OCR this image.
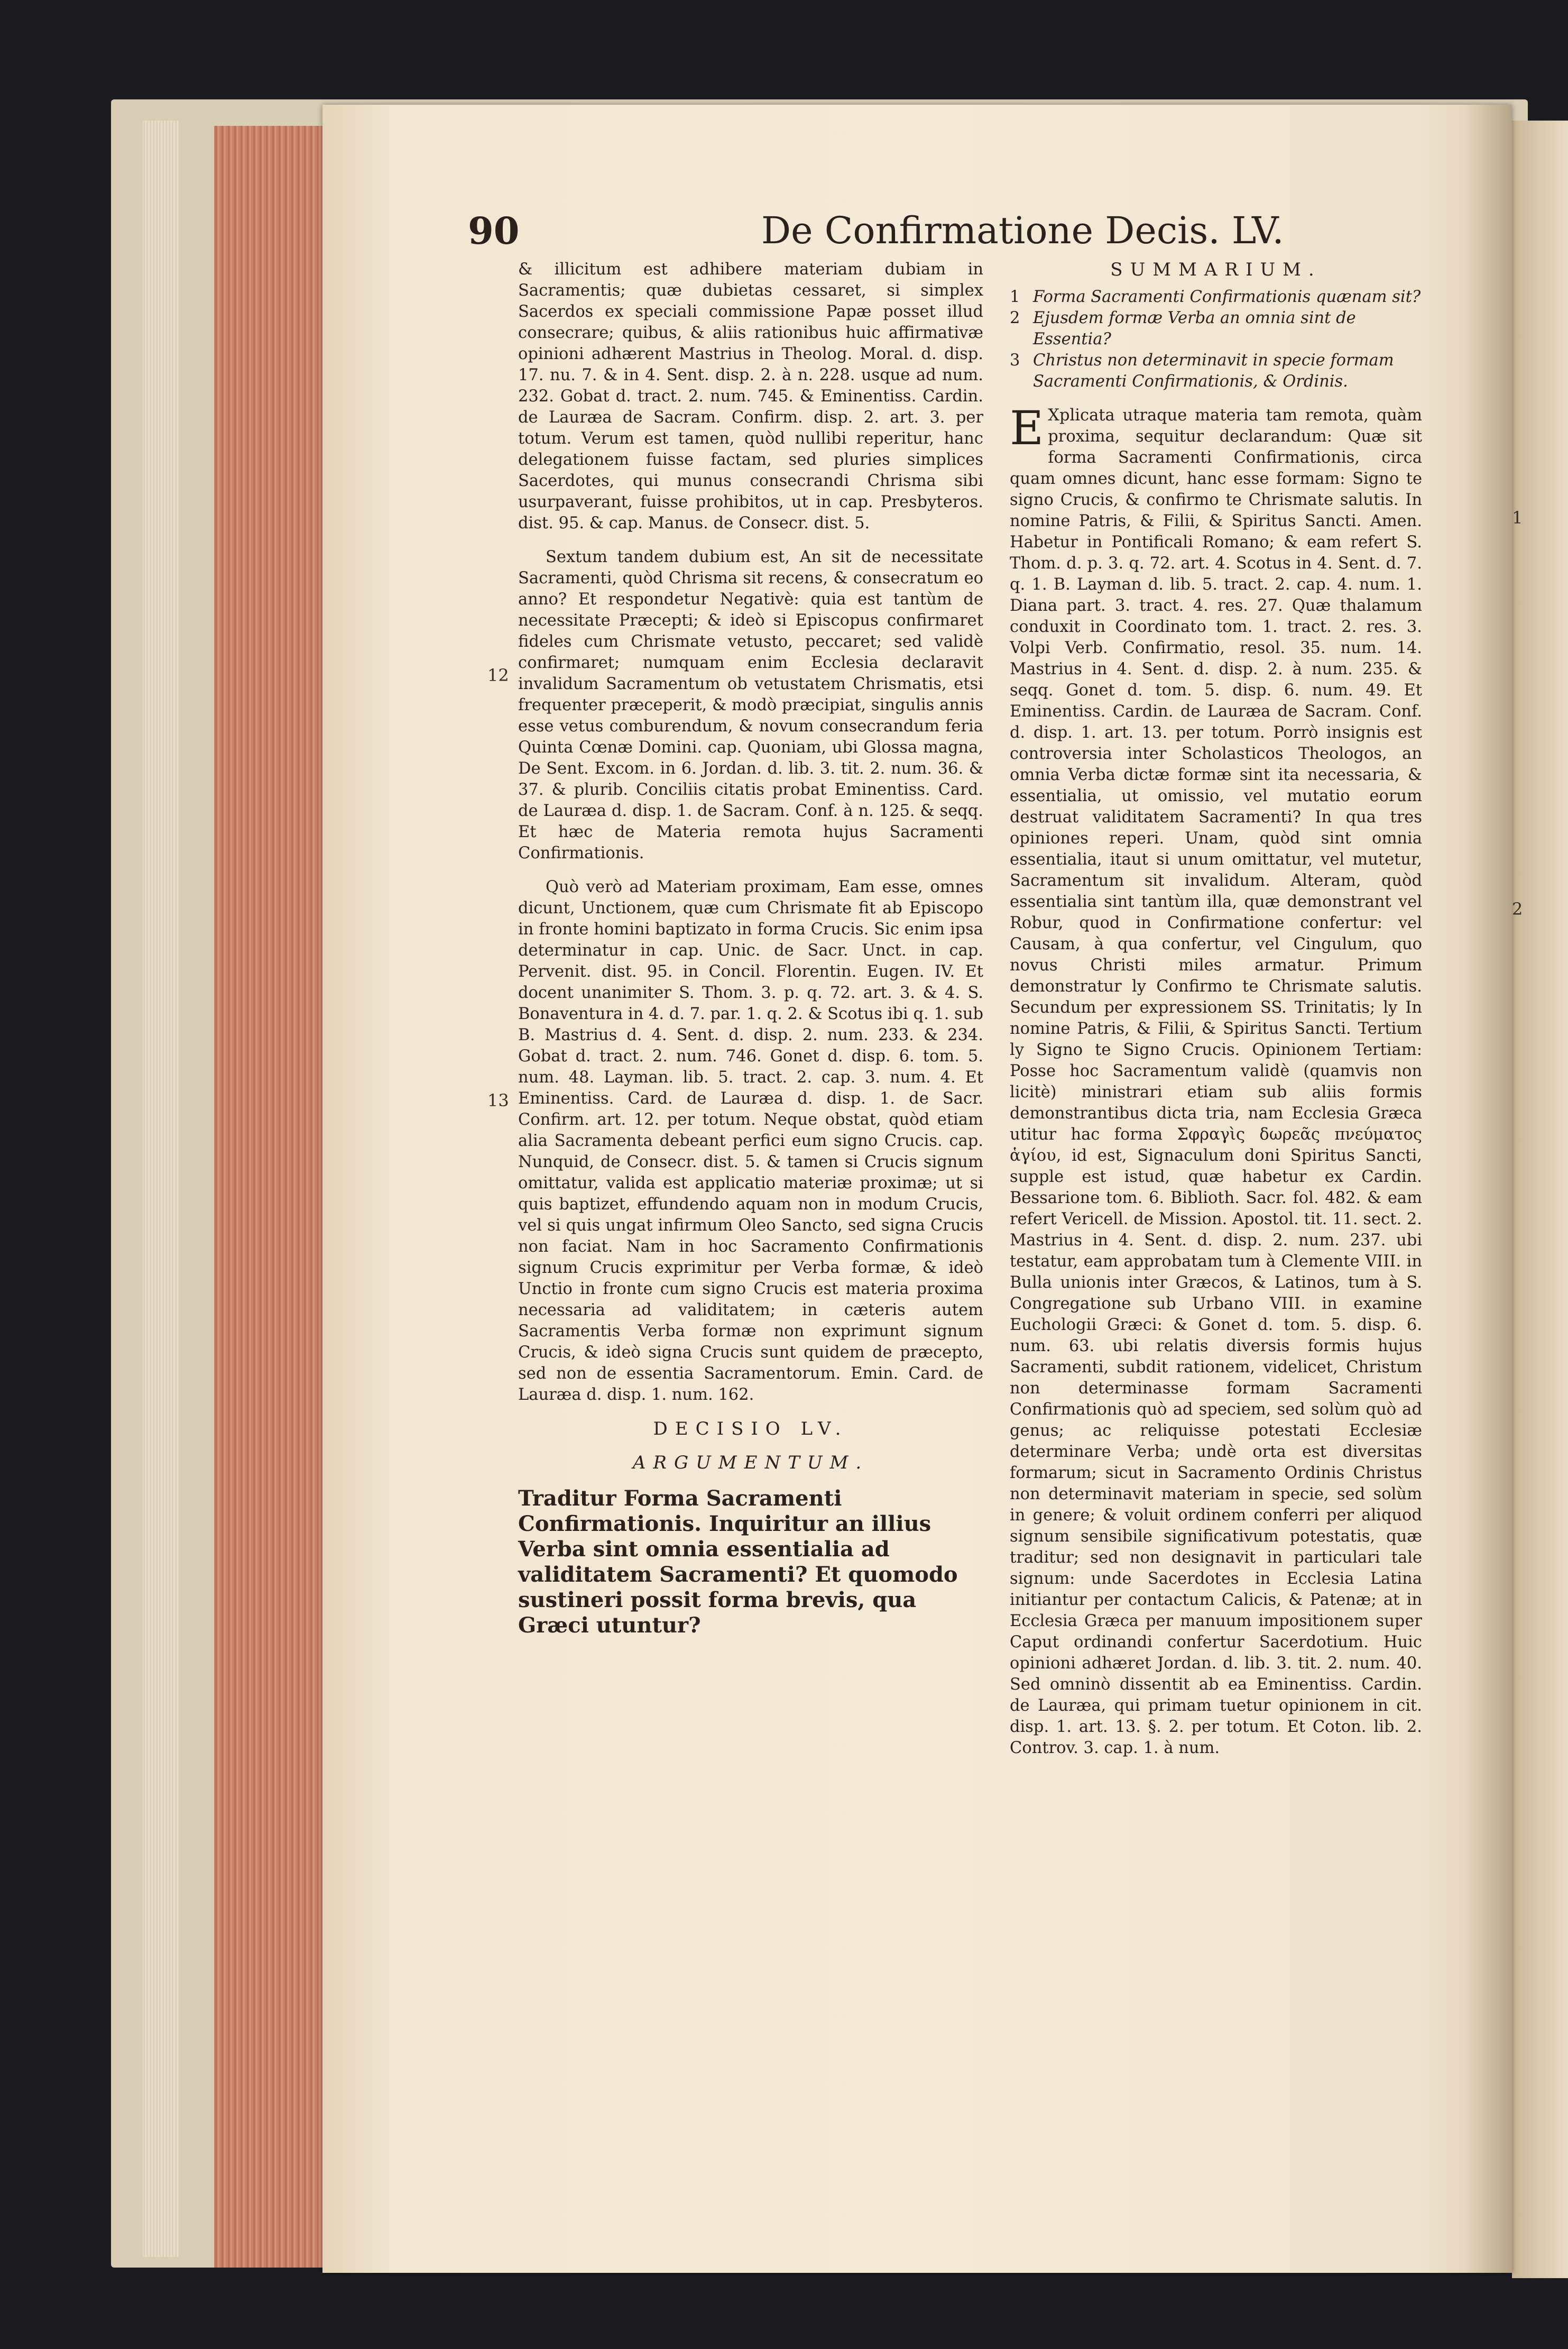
90	De Confirmatione Decis. LV.

& illicitum est adhibere materiam dubiam in Sacramentis; quæ dubietas cessaret, si simplex Sacerdos ex speciali commissione Papæ posset illud consecrare; quibus, & aliis rationibus huic affirmativæ opinioni adhærent Mastrius in Theolog. Moral. d. disp. 17. nu. 7. & in 4. Sent. disp. 2. à n. 228. usque ad num. 232. Gobat d. tract. 2. num. 745. & Eminentiss. Cardin. de Lauræa de Sacram. Confirm. disp. 2. art. 3. per totum. Verum est tamen, quòd nullibi reperitur, hanc delegationem fuisse factam, sed pluries simplices Sacerdotes, qui munus consecrandi Chrisma sibi usurpaverant, fuisse prohibitos, ut in cap. Presbyteros. dist. 95. & cap. Manus. de Consecr. dist. 5.

Sextum tandem dubium est, An sit de necessitate Sacramenti, quòd Chrisma sit recens, & consecratum eo anno? Et respondetur Negativè: quia est tantùm de necessitate Præcepti; & ideò si Episcopus confirmaret fideles cum Chrismate vetusto, peccaret; sed validè confirmaret; numquam enim Ecclesia declaravit invalidum Sacramentum ob vetustatem Chrismatis, etsi frequenter præceperit, & modò præcipiat, singulis annis esse vetus comburendum, & novum consecrandum feria Quinta Cœnæ Domini. cap. Quoniam, ubi Glossa magna, De Sent. Excom. in 6. Jordan. d. lib. 3. tit. 2. num. 36. & 37. & plurib. Conciliis citatis probat Eminentiss. Card. de Lauræa d. disp. 1. de Sacram. Conf. à n. 125. & seqq. Et hæc de Materia remota hujus Sacramenti Confirmationis.

Quò verò ad Materiam proximam, Eam esse, omnes dicunt, Unctionem, quæ cum Chrismate fit ab Episcopo in fronte homini baptizato in forma Crucis. Sic enim ipsa determinatur in cap. Unic. de Sacr. Unct. in cap. Pervenit. dist. 95. in Concil. Florentin. Eugen. IV. Et docent unanimiter S. Thom. 3. p. q. 72. art. 3. & 4. S. Bonaventura in 4. d. 7. par. 1. q. 2. & Scotus ibi q. 1. sub B. Mastrius d. 4. Sent. d. disp. 2. num. 233. & 234. Gobat d. tract. 2. num. 746. Gonet d. disp. 6. tom. 5. num. 48. Layman. lib. 5. tract. 2. cap. 3. num. 4. Et Eminentiss. Card. de Lauræa d. disp. 1. de Sacr. Confirm. art. 12. per totum. Neque obstat, quòd etiam alia Sacramenta debeant perfici eum signo Crucis. cap. Nunquid, de Consecr. dist. 5. & tamen si Crucis signum omittatur, valida est applicatio materiæ proximæ; ut si quis baptizet, effundendo aquam non in modum Crucis, vel si quis ungat infirmum Oleo Sancto, sed signa Crucis non faciat. Nam in hoc Sacramento Confirmationis signum Crucis exprimitur per Verba formæ, & ideò Unctio in fronte cum signo Crucis est materia proxima necessaria ad validitatem; in cæteris autem Sacramentis Verba formæ non exprimunt signum Crucis, & ideò signa Crucis sunt quidem de præcepto, sed non de essentia Sacramentorum. Emin. Card. de Lauræa d. disp. 1. num. 162.

DECISIO LV.

ARGUMENTUM.

Traditur Forma Sacramenti Confirmationis. Inquiritur an illius Verba sint omnia essentialia ad validitatem Sacramenti? Et quomodo sustineri possit forma brevis, qua Græci utuntur?

SUMMARIUM.

1 Forma Sacramenti Confirmationis quænam sit?
2 Ejusdem formæ Verba an omnia sint de Essentia?
3 Christus non determinavit in specie formam Sacramenti Confirmationis, & Ordinis.

E Xplicata utraque materia tam remota, quàm proxima, sequitur declarandum: Quæ sit forma Sacramenti Confirmationis, circa quam omnes dicunt, hanc esse formam: Signo te signo Crucis, & confirmo te Chrismate salutis. In nomine Patris, & Filii, & Spiritus Sancti. Amen. Habetur in Pontificali Romano; & eam refert S. Thom. d. p. 3. q. 72. art. 4. Scotus in 4. Sent. d. 7. q. 1. B. Layman d. lib. 5. tract. 2. cap. 4. num. 1. Diana part. 3. tract. 4. res. 27. Quæ thalamum conduxit in Coordinato tom. 1. tract. 2. res. 3. Volpi Verb. Confirmatio, resol. 35. num. 14. Mastrius in 4. Sent. d. disp. 2. à num. 235. & seqq. Gonet d. tom. 5. disp. 6. num. 49. Et Eminentiss. Cardin. de Lauræa de Sacram. Conf. d. disp. 1. art. 13. per totum. Porrò insignis est controversia inter Scholasticos Theologos, an omnia Verba dictæ formæ sint ita necessaria, & essentialia, ut omissio, vel mutatio eorum destruat validitatem Sacramenti? In qua tres opiniones reperi. Unam, quòd sint omnia essentialia, itaut si unum omittatur, vel mutetur, Sacramentum sit invalidum. Alteram, quòd essentialia sint tantùm illa, quæ demonstrant vel Robur, quod in Confirmatione confertur: vel Causam, à qua confertur, vel Cingulum, quo novus Christi miles armatur. Primum demonstratur ly Confirmo te Chrismate salutis. Secundum per expressionem SS. Trinitatis; ly In nomine Patris, & Filii, & Spiritus Sancti. Tertium ly Signo te Signo Crucis. Opinionem Tertiam: Posse hoc Sacramentum validè (quamvis non licitè) ministrari etiam sub aliis formis demonstrantibus dicta tria, nam Ecclesia Græca utitur hac forma Σφραγὶς δωρεᾶς πνεύματος ἁγίου, id est, Signaculum doni Spiritus Sancti, supple est istud, quæ habetur ex Cardin. Bessarione tom. 6. Biblioth. Sacr. fol. 482. & eam refert Vericell. de Mission. Apostol. tit. 11. sect. 2. Mastrius in 4. Sent. d. disp. 2. num. 237. ubi testatur, eam approbatam tum à Clemente VIII. in Bulla unionis inter Græcos, & Latinos, tum à S. Congregatione sub Urbano VIII. in examine Euchologii Græci: & Gonet d. tom. 5. disp. 6. num. 63. ubi relatis diversis formis hujus Sacramenti, subdit rationem, videlicet, Christum non determinasse formam Sacramenti Confirmationis quò ad speciem, sed solùm quò ad genus; ac reliquisse potestati Ecclesiæ determinare Verba; undè orta est diversitas formarum; sicut in Sacramento Ordinis Christus non determinavit materiam in specie, sed solùm in genere; & voluit ordinem conferri per aliquod signum sensibile significativum potestatis, quæ traditur; sed non designavit in particulari tale signum: unde Sacerdotes in Ecclesia Latina initiantur per contactum Calicis, & Patenæ; at in Ecclesia Græca per manuum impositionem super Caput ordinandi confertur Sacerdotium. Huic opinioni adhæret Jordan. d. lib. 3. tit. 2. num. 40. Sed omninò dissentit ab ea Eminentiss. Cardin. de Lauræa, qui primam tuetur opinionem in cit. disp. 1. art. 13. §. 2. per totum. Et Coton. lib. 2. Controv. 3. cap. 1. à num.

12
13
1
2
